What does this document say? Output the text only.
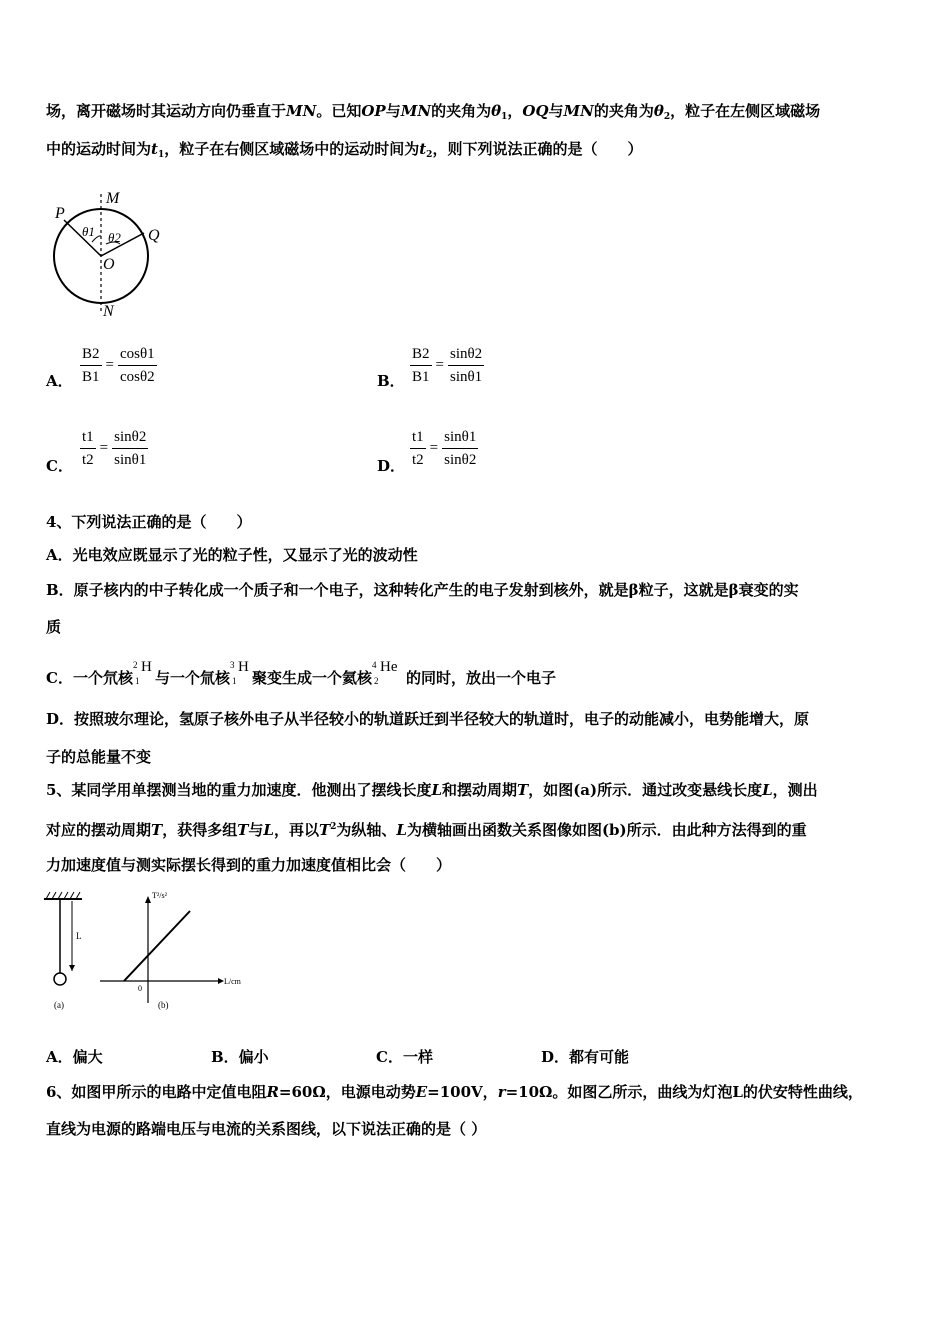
场，离开磁场时其运动方向仍垂直于MN。已知OP与MN的夹角为$\theta_1$，OQ与MN的夹角为$\theta_2$，粒子在左侧区域磁场
中的运动时间为$t_1$，粒子在右侧区域磁场中的运动时间为$t_2$，则下列说法正确的是（　　）
M
P
Q
O
N
θ1 θ2
A． $\frac{B2}{B1} = \frac{\cos\theta 1}{\cos\theta 2}$	B． $\frac{B2}{B1} = \frac{\sin\theta 2}{\sin\theta 1}$
C． $\frac{t1}{t2} = \frac{\sin\theta 2}{\sin\theta 1}$	D． $\frac{t1}{t2} = \frac{\sin\theta 1}{\sin\theta 2}$
4、下列说法正确的是（　　）
A．光电效应既显示了光的粒子性，又显示了光的波动性
B．原子核内的中子转化成一个质子和一个电子，这种转化产生的电子发射到核外，就是β粒子，这就是β衰变的实
质
C．一个氘核
2
1
H
与一个氚核
3
1
H
聚变生成一个氦核
4
2
He
的同时，放出一个电子
D．按照玻尔理论，氢原子核外电子从半径较小的轨道跃迁到半径较大的轨道时，电子的动能减小，电势能增大，原
子的总能量不变
5、某同学用单摆测当地的重力加速度．他测出了摆线长度L和摆动周期T，如图(a)所示．通过改变悬线长度L，测出
对应的摆动周期T，获得多组T与L，再以$T^2$为纵轴、L为横轴画出函数关系图像如图(b)所示．由此种方法得到的重
力加速度值与测实际摆长得到的重力加速度值相比会（　　）
L
(a)
T²/s²
L/cm
0
(b)
A．偏大	B．偏小	C．一样	D．都有可能
6、如图甲所示的电路中定值电阻R=60Ω，电源电动势E=100V，r=10Ω。如图乙所示，曲线为灯泡L的伏安特性曲线，
直线为电源的路端电压与电流的关系图线，以下说法正确的是（ ）
